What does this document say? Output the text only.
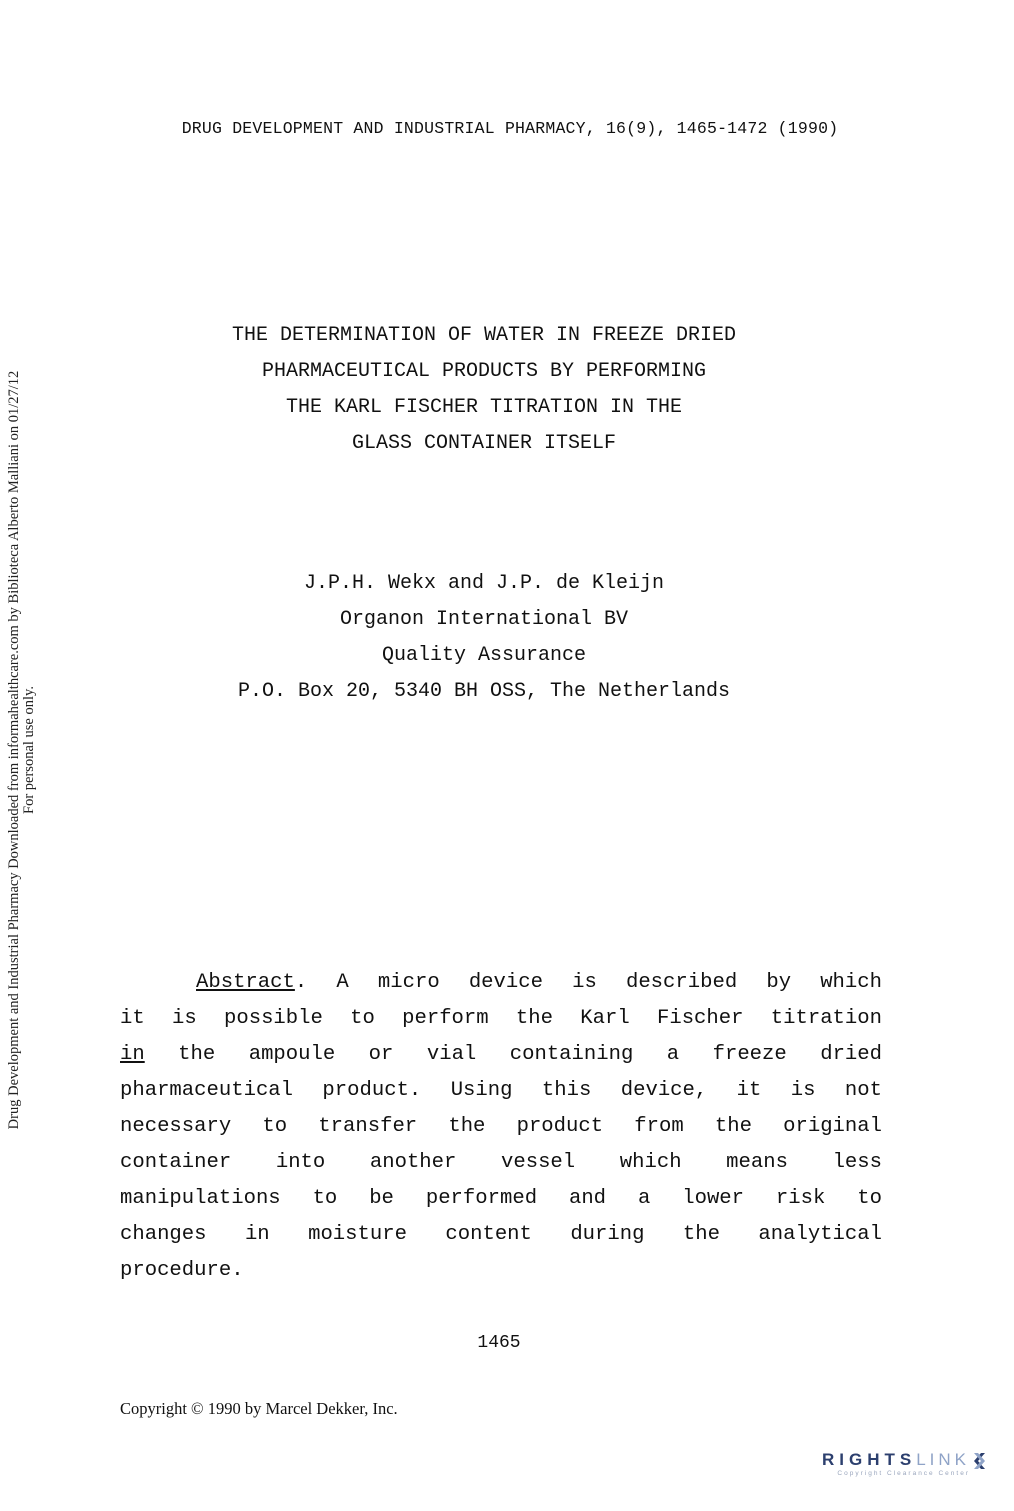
DRUG DEVELOPMENT AND INDUSTRIAL PHARMACY, 16(9), 1465-1472 (1990)
Drug Development and Industrial Pharmacy Downloaded from informahealthcare.com by Biblioteca Alberto Malliani on 01/27/12 For personal use only.
THE DETERMINATION OF WATER IN FREEZE DRIED
PHARMACEUTICAL PRODUCTS BY PERFORMING
THE KARL FISCHER TITRATION IN THE
GLASS CONTAINER ITSELF
J.P.H. Wekx and J.P. de Kleijn
Organon International BV
Quality Assurance
P.O. Box 20, 5340 BH OSS, The Netherlands
Abstract. A micro device is described by which
it is possible to perform the Karl Fischer titration
in the ampoule or vial containing a freeze dried
pharmaceutical product. Using this device, it is not
necessary to transfer the product from the original
container into another vessel which means less
manipulations to be performed and a lower risk to
changes in moisture content during the analytical
procedure.
1465
Copyright © 1990 by Marcel Dekker, Inc.
RIGHTSLINK
Copyright Clearance Center
